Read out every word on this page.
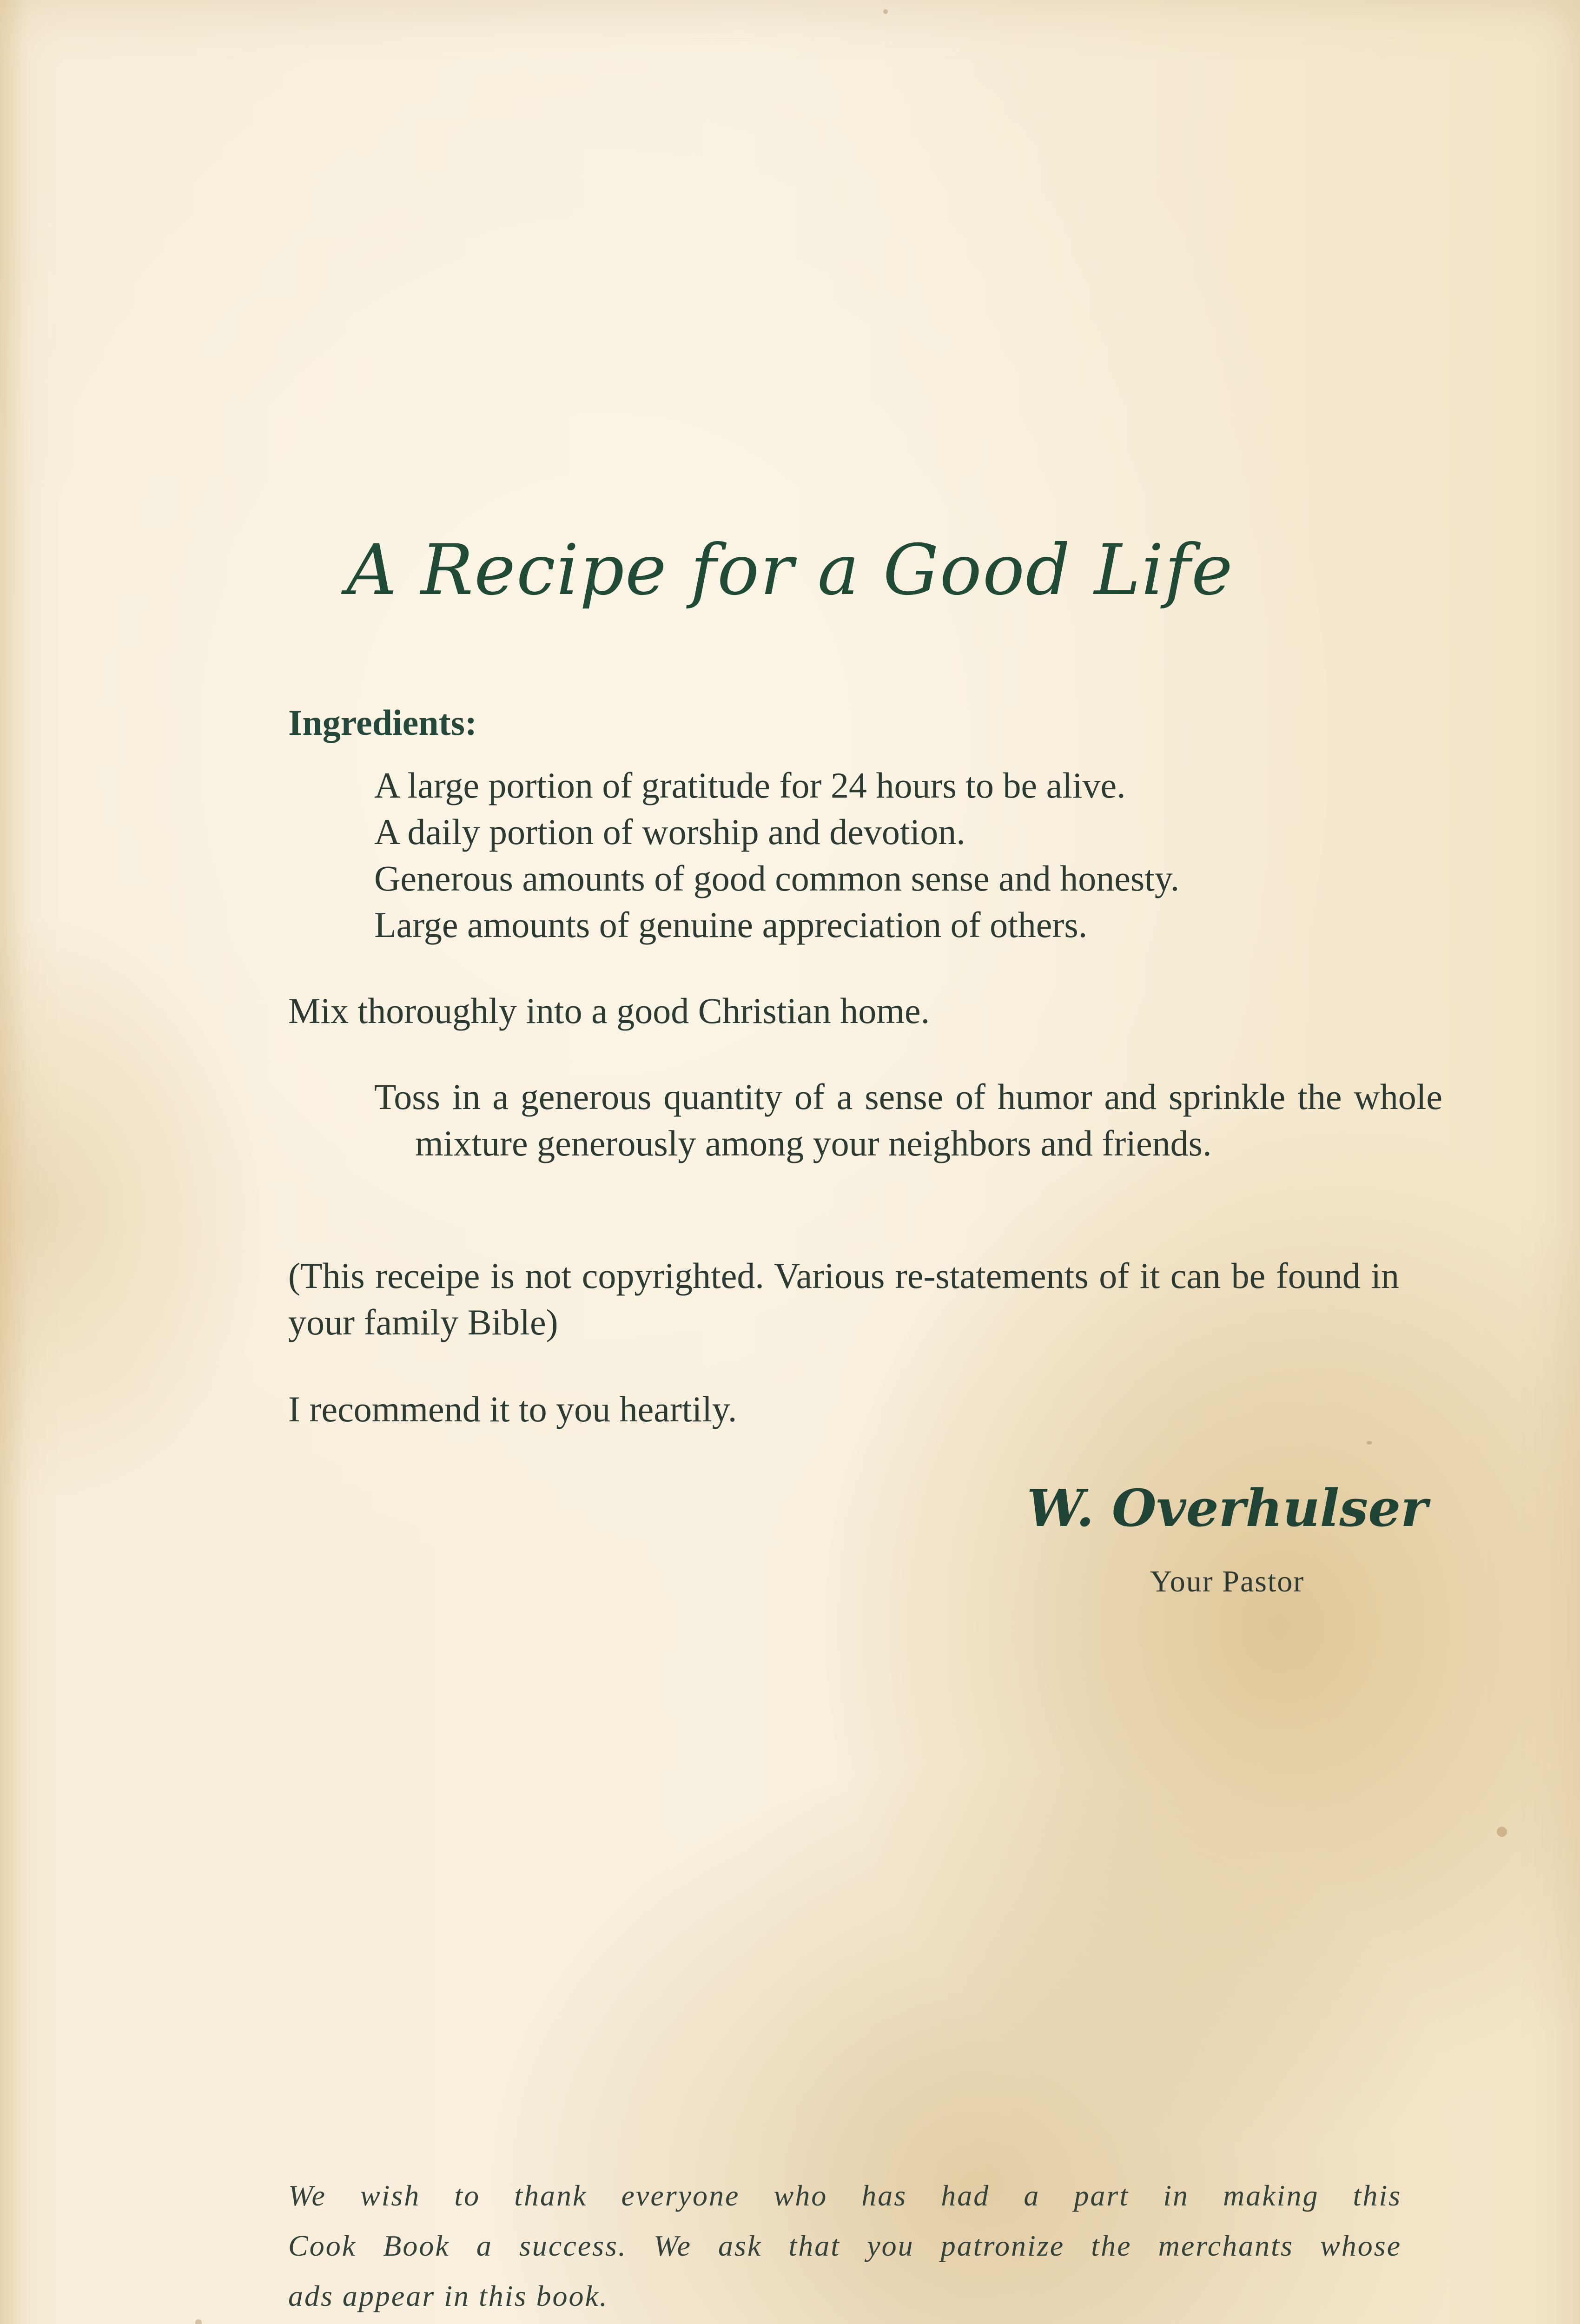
A Recipe for a Good Life
Ingredients:
A large portion of gratitude for 24 hours to be alive.
A daily portion of worship and devotion.
Generous amounts of good common sense and honesty.
Large amounts of genuine appreciation of others.
Mix thoroughly into a good Christian home.
Toss in a generous quantity of a sense of humor and sprinkle the whole mixture generously among your neighbors and friends.
(This receipe is not copyrighted. Various re-statements of it can be found in your family Bible)
I recommend it to you heartily.
W. Overhulser
Your Pastor
We wish to thank everyone who has had a part in making this
Cook Book a success. We ask that you patronize the merchants whose
ads appear in this book.
